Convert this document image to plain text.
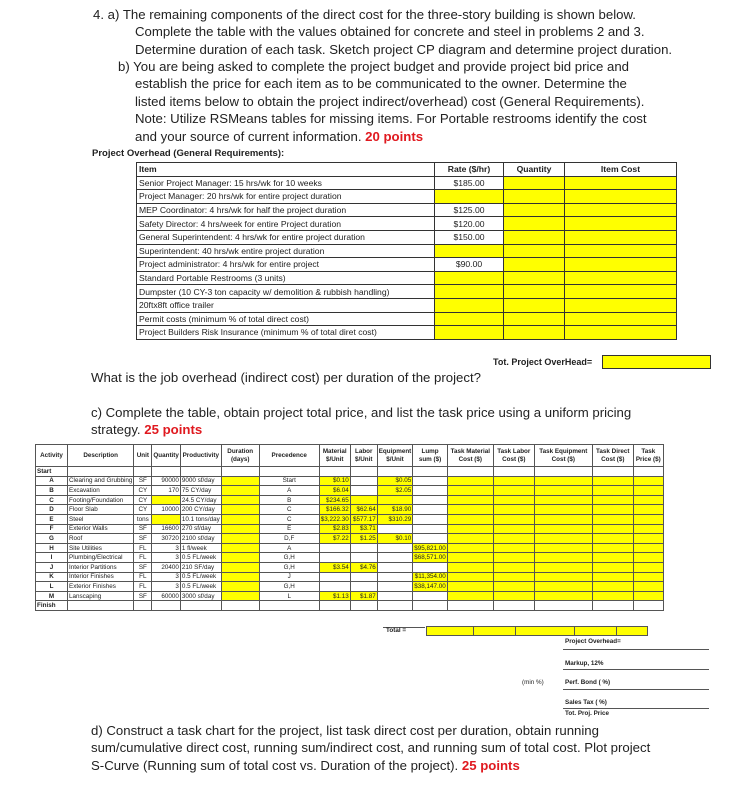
4. a) The remaining components of the direct cost for the three-story building is shown below.
Complete the table with the values obtained for concrete and steel in problems 2 and 3.
Determine duration of each task. Sketch project CP diagram and determine project duration.
b) You are being asked to complete the project budget and provide project bid price and
establish the price for each item as to be communicated to the owner. Determine the
listed items below to obtain the project indirect/overhead) cost (General Requirements).
Note: Utilize RSMeans tables for missing items. For Portable restrooms identify the cost
and your source of current information. 20 points
Project Overhead (General Requirements):
Item	Rate ($/hr)	Quantity	Item Cost
Senior Project Manager: 15 hrs/wk for 10 weeks	$185.00		
Project Manager: 20 hrs/wk for entire project duration			
MEP Coordinator: 4 hrs/wk for half the project duration	$125.00		
Safety Director: 4 hrs/week for entire Project duration	$120.00		
General Superintendent: 4 hrs/wk for entire project duration	$150.00		
Superintendent: 40 hrs/wk entire project duration			
Project administrator: 4 hrs/wk for entire project	$90.00		
Standard Portable Restrooms (3 units)			
Dumpster (10 CY-3 ton capacity w/ demolition & rubbish handling)			
20ftx8ft office trailer			
Permit costs (minimum % of total direct cost)			
Project Builders Risk Insurance (minimum % of total diret cost)			
Tot. Project OverHead=
What is the job overhead (indirect cost) per duration of the project?
c) Complete the table, obtain project total price, and list the task price using a uniform pricing
strategy. 25 points
Activity	Description	Unit	Quantity	Productivity	Duration (days)	Precedence	Material $/Unit	Labor $/Unit	Equipment $/Unit	Lump sum ($)	Task Material Cost ($)	Task Labor Cost ($)	Task Equipment Cost ($)	Task Direct Cost ($)	Task Price ($)
Start															
A	Clearing and Grubbing	SF	90000	9000 sf/day		Start	$0.10		$0.05						
B	Excavation	CY	170	75 CY/day		A	$6.04		$2.05						
C	Footing/Foundation	CY		24.5 CY/day		B	$234.65								
D	Floor Slab	CY	10000	200 CY/day		C	$166.32	$62.64	$18.90						
E	Steel	tons		10.1 tons/day		C	$3,222.30	$577.17	$310.29						
F	Exterior Walls	SF	16600	270 sf/day		E	$2.83	$3.71							
G	Roof	SF	30720	2100 sf/day		D,F	$7.22	$1.25	$0.10						
H	Site Utilities	FL	3	1 fl/week		A				$95,821.00					
I	Plumbing/Electrical	FL	3	0.5 FL/week		G,H				$68,571.00					
J	Interior Partitions	SF	20400	210 SF/day		G,H	$3.54	$4.76							
K	Interior Finishes	FL	3	0.5 FL/week		J				$11,354.00					
L	Exterior Finishes	FL	3	0.5 FL/week		G,H				$38,147.00					
M	Lanscaping	SF	60000	3000 sf/day		L	$1.13	$1.87							
Finish															
Total =
Project Overhead=
Markup, 12%
(min %)	Perf. Bond ( %)
Sales Tax ( %)
Tot. Proj. Price
d) Construct a task chart for the project, list task direct cost per duration, obtain running
sum/cumulative direct cost, running sum/indirect cost, and running sum of total cost. Plot project
S-Curve (Running sum of total cost vs. Duration of the project). 25 points
